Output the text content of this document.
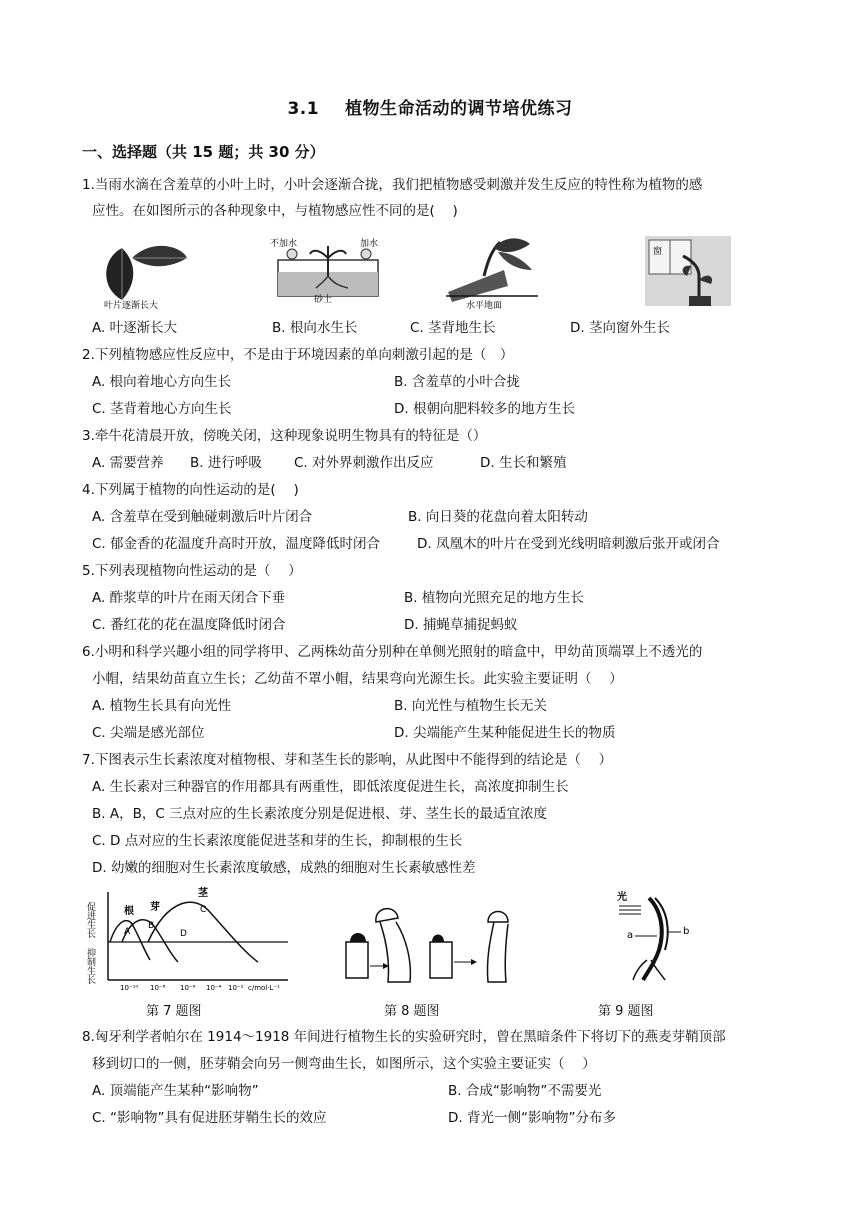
3.1 植物生命活动的调节培优练习
一、选择题（共 15 题；共 30 分）
1.当雨水滴在含羞草的小叶上时，小叶会逐渐合拢，我们把植物感受刺激并发生反应的特性称为植物的感
应性。在如图所示的各种现象中，与植物感应性不同的是(　 )
叶片逐渐长大
不加水	加水
砂土
水平地面
窗
A. 叶逐渐长大	B. 根向水生长	C. 茎背地生长	D. 茎向窗外生长
2.下列植物感应性反应中，不是由于环境因素的单向刺激引起的是（　）
A. 根向着地心方向生长	B. 含羞草的小叶合拢
C. 茎背着地心方向生长	D. 根朝向肥料较多的地方生长
3.牵牛花清晨开放，傍晚关闭，这种现象说明生物具有的特征是（）
A. 需要营养 B. 进行呼吸 C. 对外界刺激作出反应	D. 生长和繁殖
4.下列属于植物的向性运动的是(　 )
A. 含羞草在受到触碰刺激后叶片闭合	B. 向日葵的花盘向着太阳转动
C. 郁金香的花温度升高时开放，温度降低时闭合	D. 凤凰木的叶片在受到光线明暗刺激后张开或闭合
5.下列表现植物向性运动的是（　 ）
A. 酢浆草的叶片在雨天闭合下垂	B. 植物向光照充足的地方生长
C. 番红花的花在温度降低时闭合	D. 捕蝇草捕捉蚂蚁
6.小明和科学兴趣小组的同学将甲、乙两株幼苗分别种在单侧光照射的暗盒中，甲幼苗顶端罩上不透光的
小帽，结果幼苗直立生长；乙幼苗不罩小帽，结果弯向光源生长。此实验主要证明（　 ）
A. 植物生长具有向光性	B. 向光性与植物生长无关
C. 尖端是感光部位	D. 尖端能产生某种能促进生长的物质
7.下图表示生长素浓度对植物根、芽和茎生长的影响，从此图中不能得到的结论是（　 ）
A. 生长素对三种器官的作用都具有两重性，即低浓度促进生长，高浓度抑制生长
B. A，B，C 三点对应的生长素浓度分别是促进根、芽、茎生长的最适宜浓度
C. D 点对应的生长素浓度能促进茎和芽的生长，抑制根的生长
D. 幼嫩的细胞对生长素浓度敏感，成熟的细胞对生长素敏感性差
促进生长
抑制生长
根 芽
茎
A
B
C
D
10⁻¹⁰ 10⁻⁸ 10⁻⁶ 10⁻⁴ 10⁻² c/mol·L⁻¹
光
a	b
第 7 题图	第 8 题图	第 9 题图
8.匈牙利学者帕尔在 1914～1918 年间进行植物生长的实验研究时，曾在黑暗条件下将切下的燕麦芽鞘顶部
移到切口的一侧，胚芽鞘会向另一侧弯曲生长，如图所示，这个实验主要证实（　 ）
A. 顶端能产生某种“影响物”	B. 合成“影响物”不需要光
C. “影响物”具有促进胚芽鞘生长的效应	D. 背光一侧“影响物”分布多
